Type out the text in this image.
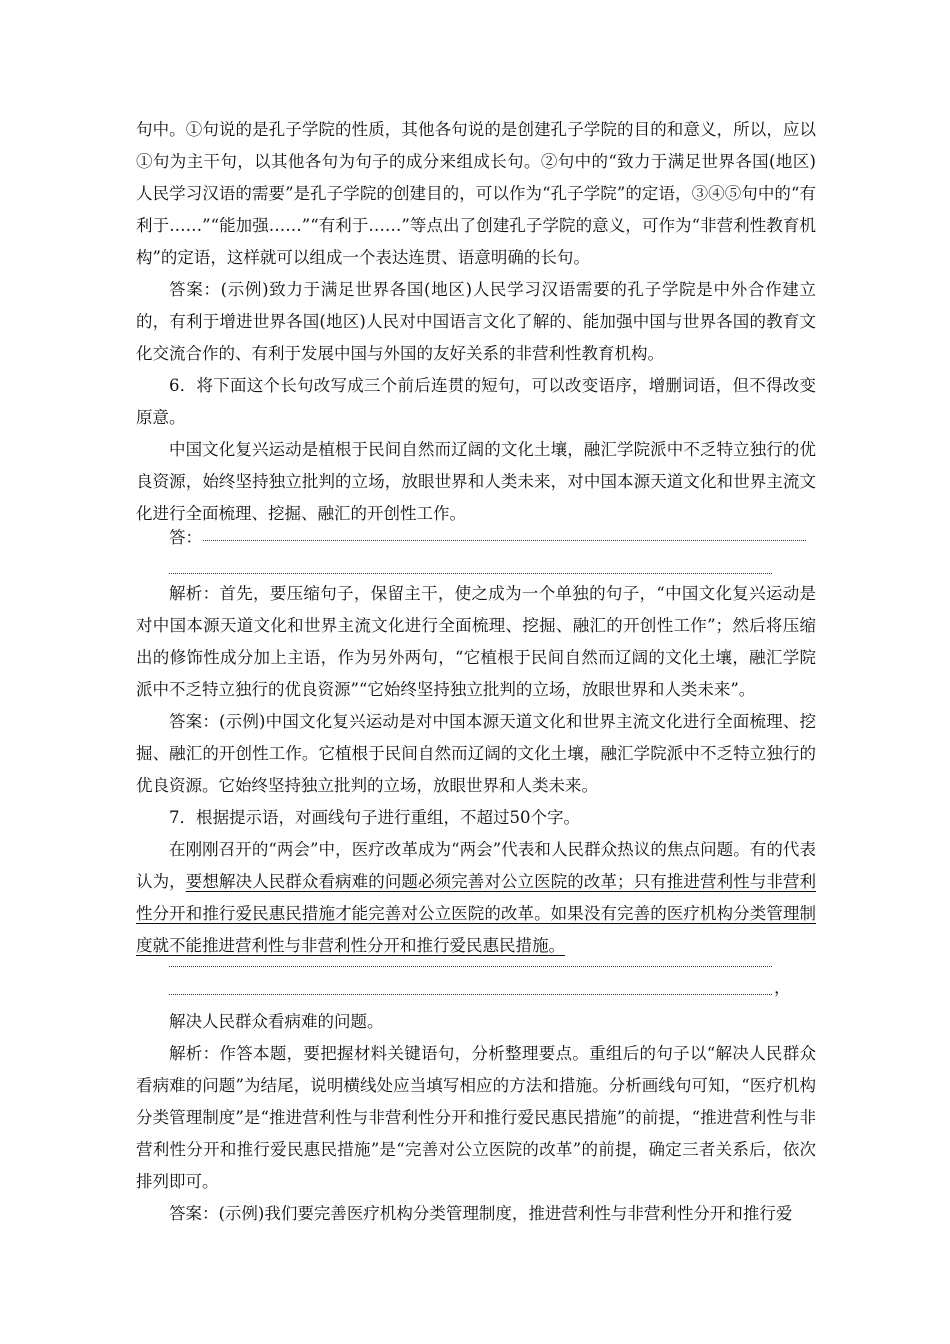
句中。①句说的是孔子学院的性质，其他各句说的是创建孔子学院的目的和意义，所以，应以①句为主干句，以其他各句为句子的成分来组成长句。②句中的“致力于满足世界各国(地区)人民学习汉语的需要”是孔子学院的创建目的，可以作为“孔子学院”的定语，③④⑤句中的“有利于……”“能加强……”“有利于……”等点出了创建孔子学院的意义，可作为“非营利性教育机构”的定语，这样就可以组成一个表达连贯、语意明确的长句。

答案：(示例)致力于满足世界各国(地区)人民学习汉语需要的孔子学院是中外合作建立的，有利于增进世界各国(地区)人民对中国语言文化了解的、能加强中国与世界各国的教育文化交流合作的、有利于发展中国与外国的友好关系的非营利性教育机构。

6．将下面这个长句改写成三个前后连贯的短句，可以改变语序，增删词语，但不得改变原意。

中国文化复兴运动是植根于民间自然而辽阔的文化土壤，融汇学院派中不乏特立独行的优良资源，始终坚持独立批判的立场，放眼世界和人类未来，对中国本源天道文化和世界主流文化进行全面梳理、挖掘、融汇的开创性工作。

答：

解析：首先，要压缩句子，保留主干，使之成为一个单独的句子，“中国文化复兴运动是对中国本源天道文化和世界主流文化进行全面梳理、挖掘、融汇的开创性工作”；然后将压缩出的修饰性成分加上主语，作为另外两句，“它植根于民间自然而辽阔的文化土壤，融汇学院派中不乏特立独行的优良资源”“它始终坚持独立批判的立场，放眼世界和人类未来”。

答案：(示例)中国文化复兴运动是对中国本源天道文化和世界主流文化进行全面梳理、挖掘、融汇的开创性工作。它植根于民间自然而辽阔的文化土壤，融汇学院派中不乏特立独行的优良资源。它始终坚持独立批判的立场，放眼世界和人类未来。

7．根据提示语，对画线句子进行重组，不超过50个字。

在刚刚召开的“两会”中，医疗改革成为“两会”代表和人民群众热议的焦点问题。有的代表认为，要想解决人民群众看病难的问题必须完善对公立医院的改革；只有推进营利性与非营利性分开和推行爱民惠民措施才能完善对公立医院的改革。如果没有完善的医疗机构分类管理制度就不能推进营利性与非营利性分开和推行爱民惠民措施。

，

解决人民群众看病难的问题。

解析：作答本题，要把握材料关键语句，分析整理要点。重组后的句子以“解决人民群众看病难的问题”为结尾，说明横线处应当填写相应的方法和措施。分析画线句可知，“医疗机构分类管理制度”是“推进营利性与非营利性分开和推行爱民惠民措施”的前提，“推进营利性与非营利性分开和推行爱民惠民措施”是“完善对公立医院的改革”的前提，确定三者关系后，依次排列即可。

答案：(示例)我们要完善医疗机构分类管理制度，推进营利性与非营利性分开和推行爱
